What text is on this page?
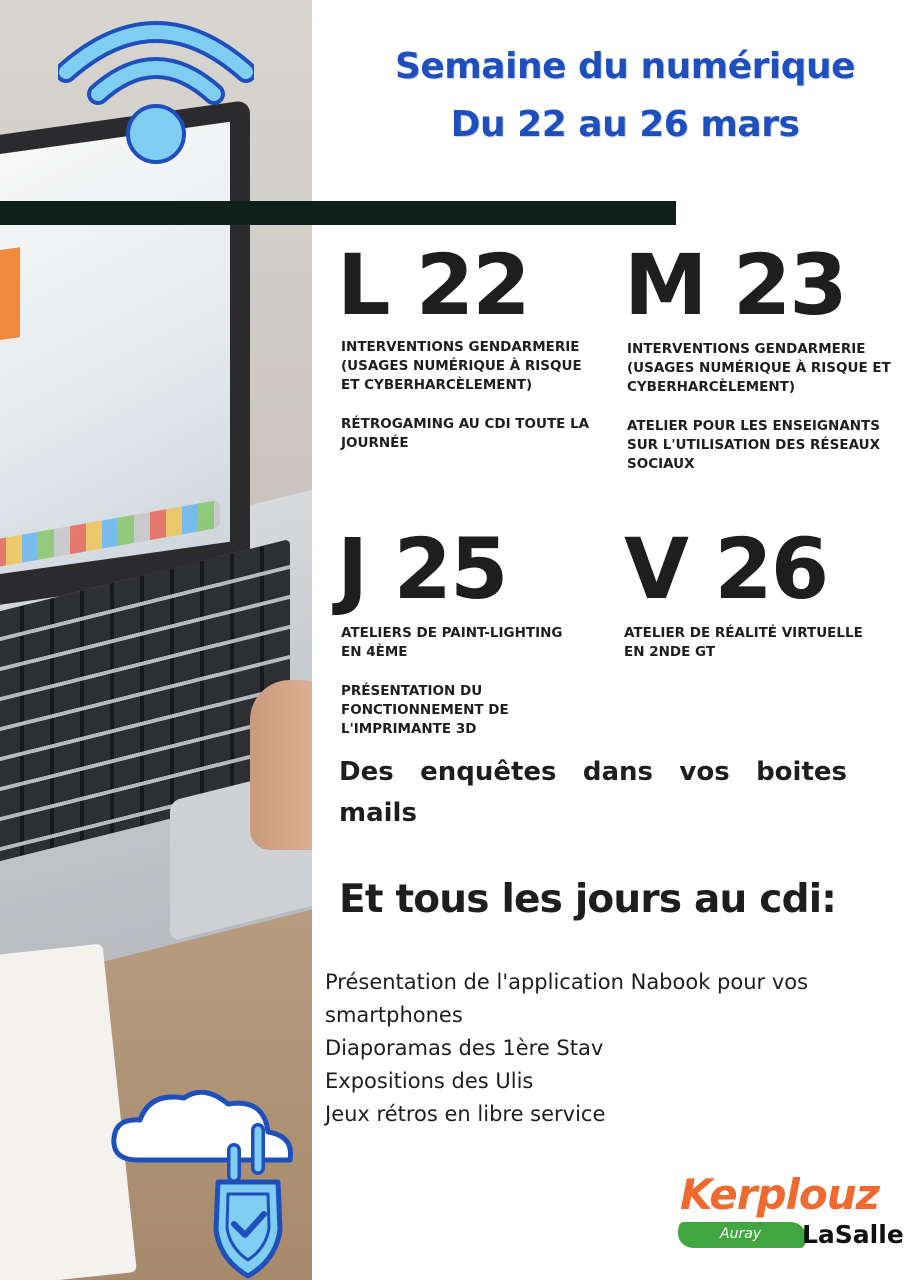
Semaine du numérique
Du 22 au 26 mars
L 22

INTERVENTIONS GENDARMERIE (USAGES NUMÉRIQUE À RISQUE ET CYBERHARCÈLEMENT)

RÉTROGAMING AU CDI TOUTE LA JOURNÉE

M 23

INTERVENTIONS GENDARMERIE (USAGES NUMÉRIQUE À RISQUE ET CYBERHARCÈLEMENT)

ATELIER POUR LES ENSEIGNANTS SUR L'UTILISATION DES RÉSEAUX SOCIAUX

J 25

ATELIERS DE PAINT-LIGHTING EN 4ÈME

PRÉSENTATION DU FONCTIONNEMENT DE L'IMPRIMANTE 3D

V 26

ATELIER DE RÉALITÉ VIRTUELLE EN 2NDE GT

Des enquêtes dans vos boites mails
Et tous les jours au cdi:
Présentation de l'application Nabook pour vos smartphones
Diaporamas des 1ère Stav
Expositions des Ulis
Jeux rétros en libre service
Kerplouz
Auray LaSalle
